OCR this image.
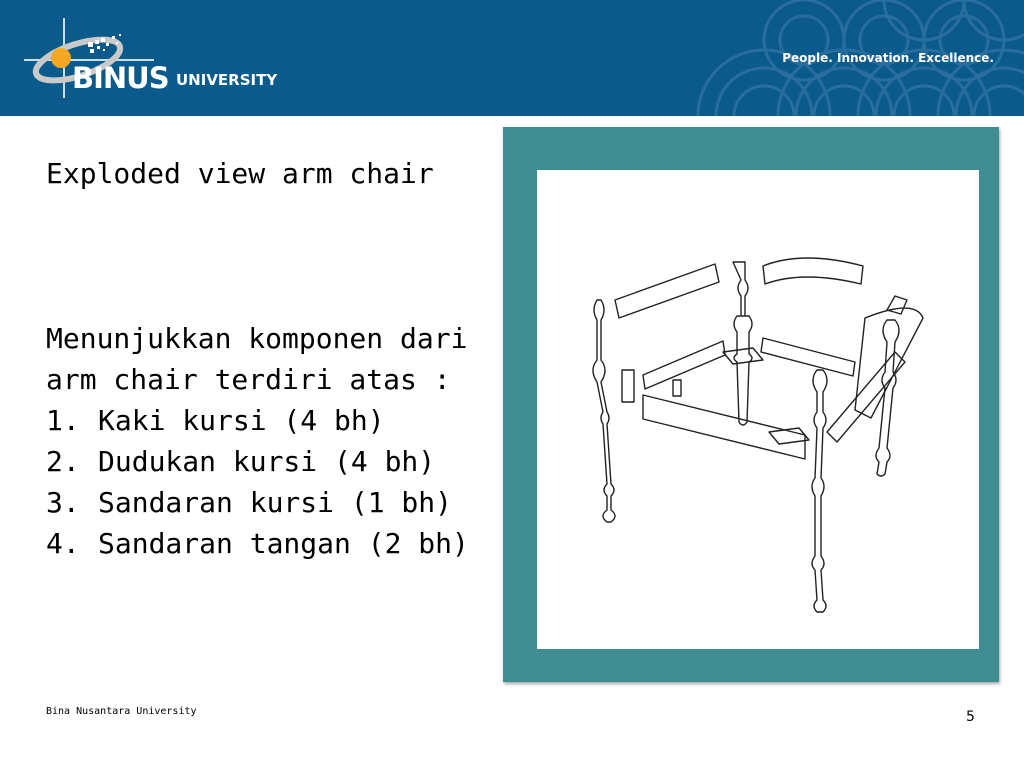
BINUS UNIVERSITY
People. Innovation. Excellence.
Exploded view arm chair

Menunjukkan komponen dari arm chair terdiri atas :

1. Kaki kursi (4 bh)
2. Dudukan kursi (4 bh)
3. Sandaran kursi (1 bh)
4. Sandaran tangan (2 bh)
Bina Nusantara University	5
